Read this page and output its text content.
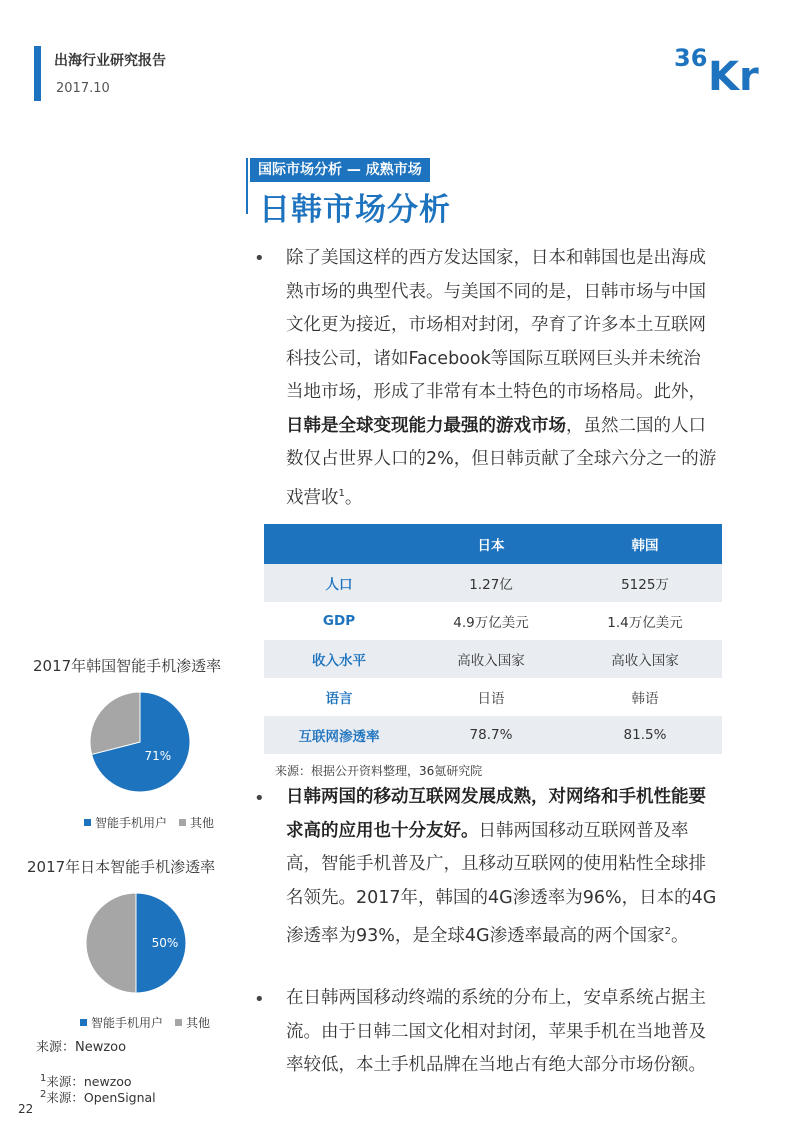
出海行业研究报告
2017.10
36 Kr
国际市场分析 — 成熟市场
日韩市场分析
• 除了美国这样的西方发达国家，日本和韩国也是出海成熟市场的典型代表。与美国不同的是，日韩市场与中国文化更为接近，市场相对封闭，孕育了许多本土互联网科技公司，诸如Facebook等国际互联网巨头并未统治当地市场，形成了非常有本土特色的市场格局。此外，日韩是全球变现能力最强的游戏市场，虽然二国的人口数仅占世界人口的2%，但日韩贡献了全球六分之一的游戏营收$^1$。
	日本	韩国
人口	1.27亿	5125万
GDP	4.9万亿美元	1.4万亿美元
收入水平	高收入国家	高收入国家
语言	日语	韩语
互联网渗透率	78.7%	81.5%
来源：根据公开资料整理，36氪研究院
• 日韩两国的移动互联网发展成熟，对网络和手机性能要求高的应用也十分友好。日韩两国移动互联网普及率高，智能手机普及广，且移动互联网的使用粘性全球排名领先。2017年，韩国的4G渗透率为96%，日本的4G渗透率为93%，是全球4G渗透率最高的两个国家$^2$。
• 在日韩两国移动终端的系统的分布上，安卓系统占据主流。由于日韩二国文化相对封闭，苹果手机在当地普及率较低，本土手机品牌在当地占有绝大部分市场份额。
2017年韩国智能手机渗透率
71%
智能手机用户 其他
2017年日本智能手机渗透率
50%
智能手机用户 其他
来源：Newzoo
$^1$来源：newzoo
$^2$来源：OpenSignal
22
